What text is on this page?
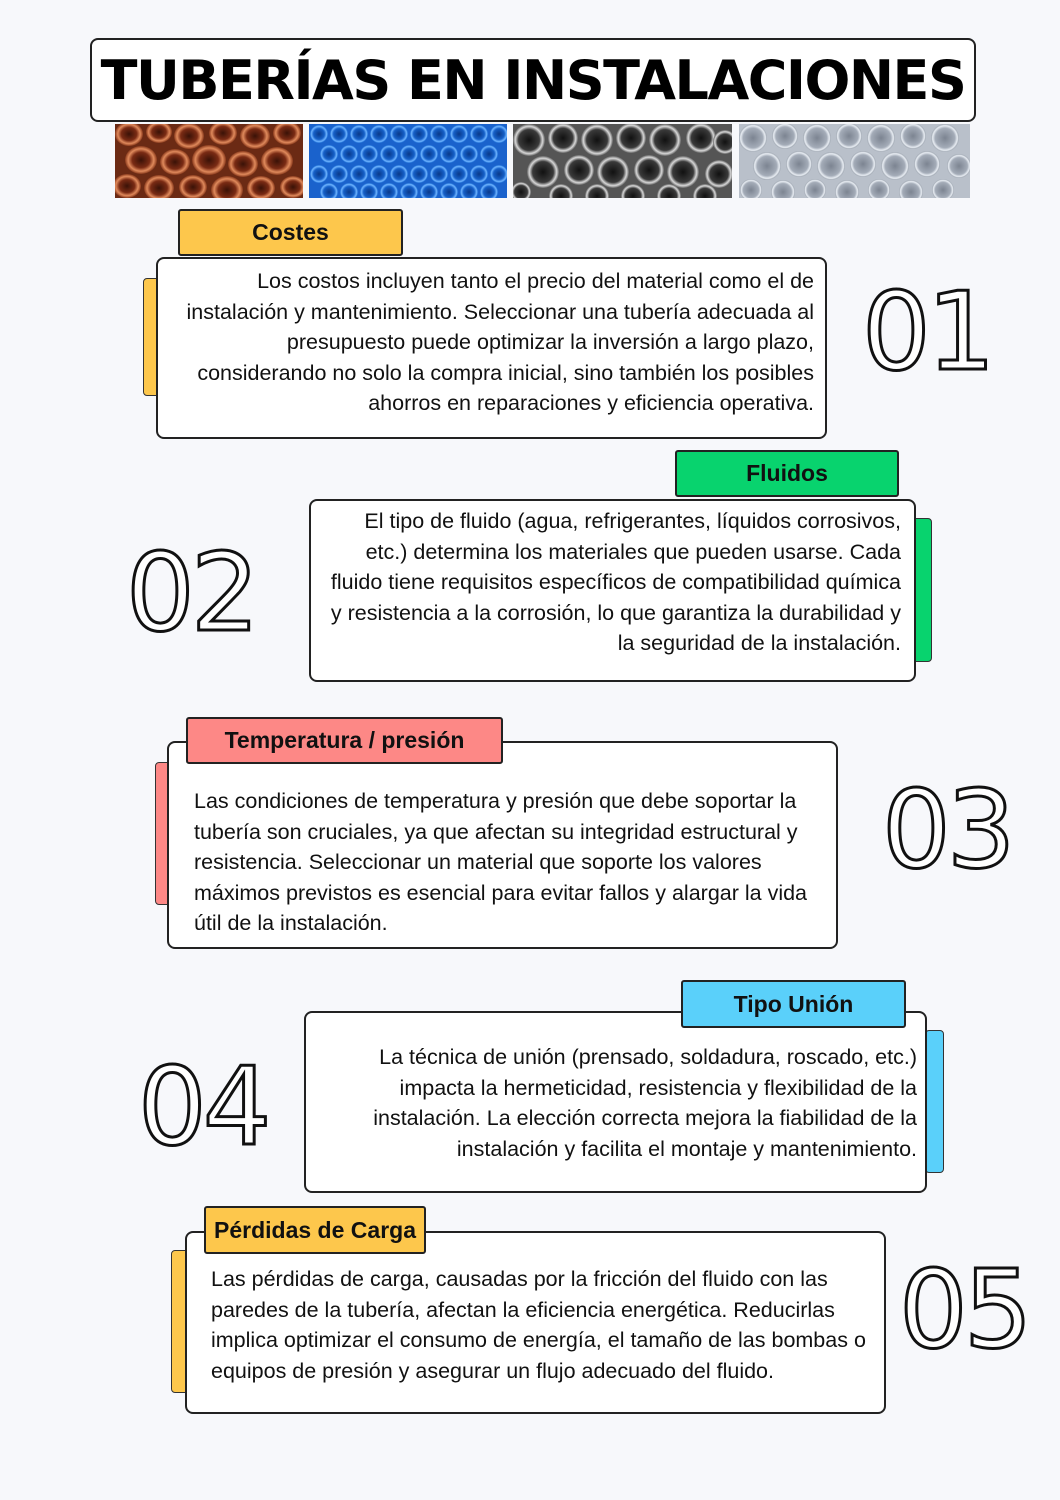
TUBERÍAS EN INSTALACIONES
Los costos incluyen tanto el precio del material como el de instalación y mantenimiento. Seleccionar una tubería adecuada al presupuesto puede optimizar la inversión a largo plazo, considerando no solo la compra inicial, sino también los posibles ahorros en reparaciones y eficiencia operativa.
Costes
01
El tipo de fluido (agua, refrigerantes, líquidos corrosivos, etc.) determina los materiales que pueden usarse. Cada fluido tiene requisitos específicos de compatibilidad química y resistencia a la corrosión, lo que garantiza la durabilidad y la seguridad de la instalación.
Fluidos
02
Las condiciones de temperatura y presión que debe soportar la tubería son cruciales, ya que afectan su integridad estructural y resistencia. Seleccionar un material que soporte los valores máximos previstos es esencial para evitar fallos y alargar la vida útil de la instalación.
Temperatura / presión
03
La técnica de unión (prensado, soldadura, roscado, etc.) impacta la hermeticidad, resistencia y flexibilidad de la instalación. La elección correcta mejora la fiabilidad de la instalación y facilita el montaje y mantenimiento.
Tipo Unión
04
Las pérdidas de carga, causadas por la fricción del fluido con las paredes de la tubería, afectan la eficiencia energética. Reducirlas implica optimizar el consumo de energía, el tamaño de las bombas o equipos de presión y asegurar un flujo adecuado del fluido.
Pérdidas de Carga
05
